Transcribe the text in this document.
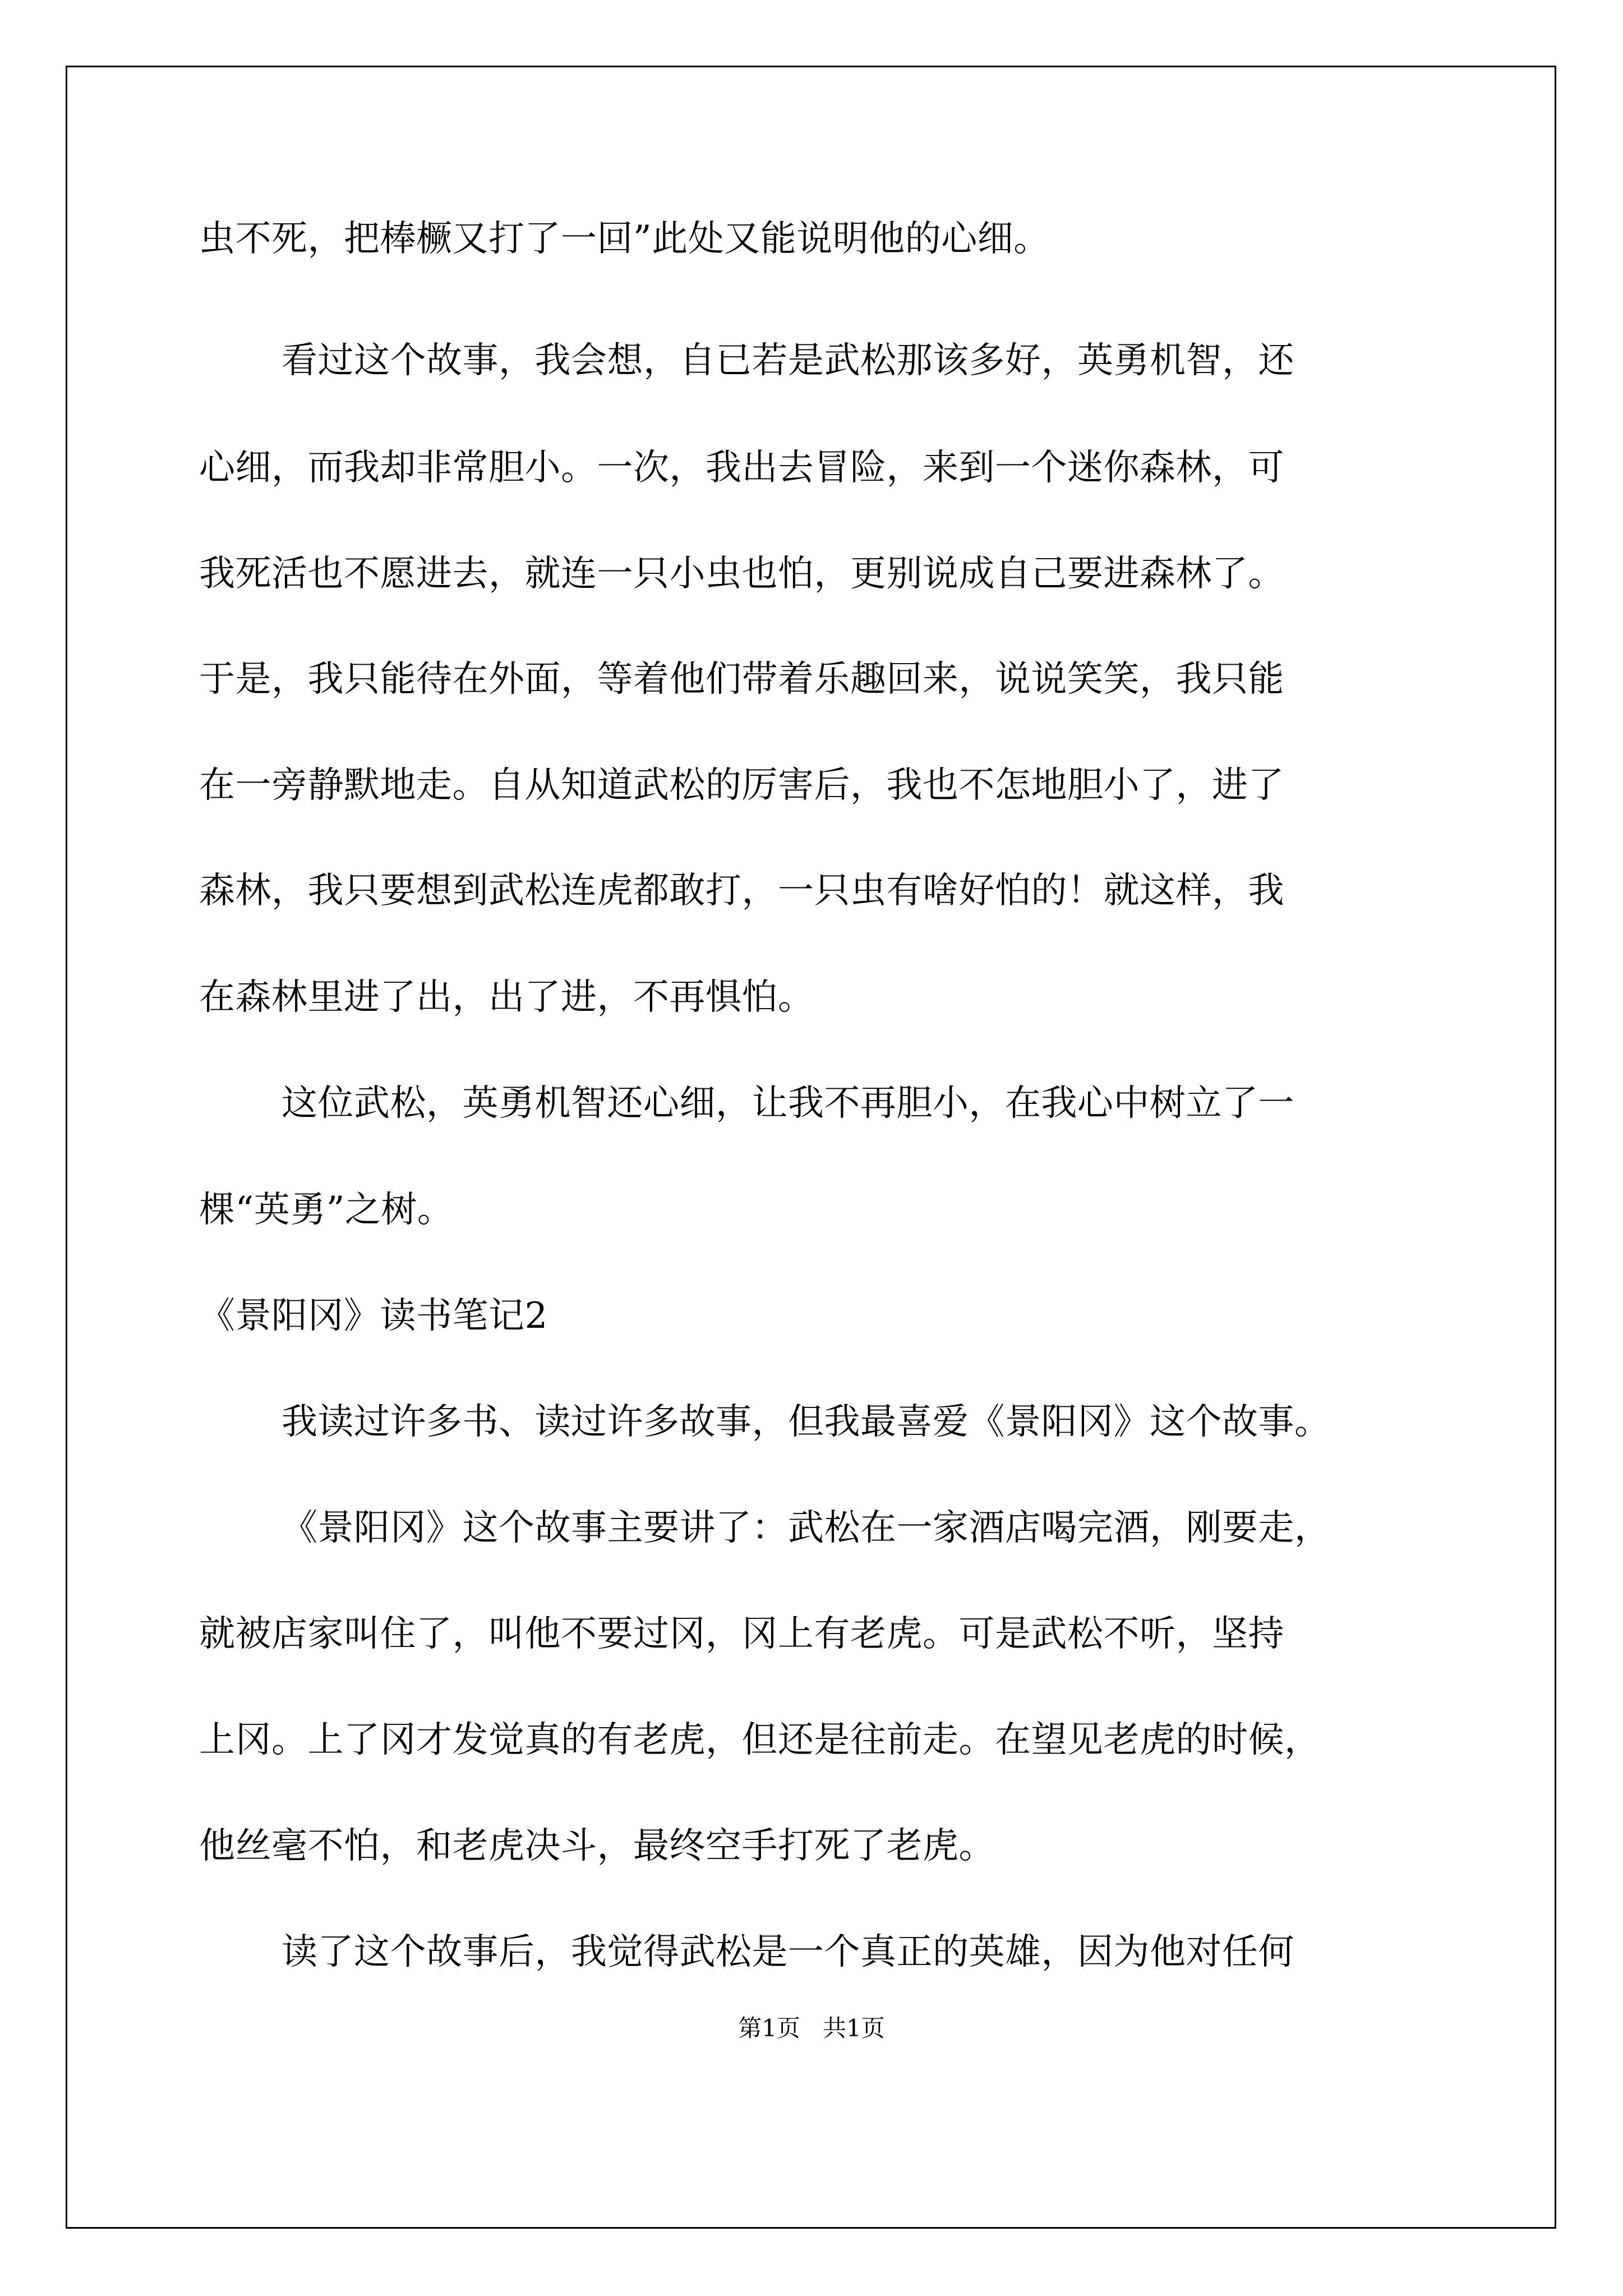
虫不死，把棒橛又打了一回”此处又能说明他的心细。
看过这个故事，我会想，自已若是武松那该多好，英勇机智，还
心细，而我却非常胆小。一次，我出去冒险，来到一个迷你森林，可
我死活也不愿进去，就连一只小虫也怕，更别说成自己要进森林了。
于是，我只能待在外面，等着他们带着乐趣回来，说说笑笑，我只能
在一旁静默地走。自从知道武松的厉害后，我也不怎地胆小了，进了
森林，我只要想到武松连虎都敢打，一只虫有啥好怕的！就这样，我
在森林里进了出，出了进，不再惧怕。
这位武松，英勇机智还心细，让我不再胆小，在我心中树立了一
棵“英勇”之树。
《景阳冈》读书笔记2
我读过许多书、读过许多故事，但我最喜爱《景阳冈》这个故事。
《景阳冈》这个故事主要讲了：武松在一家酒店喝完酒，刚要走，
就被店家叫住了，叫他不要过冈，冈上有老虎。可是武松不听，坚持
上冈。上了冈才发觉真的有老虎，但还是往前走。在望见老虎的时候，
他丝毫不怕，和老虎决斗，最终空手打死了老虎。
读了这个故事后，我觉得武松是一个真正的英雄，因为他对任何
第1页   共1页
